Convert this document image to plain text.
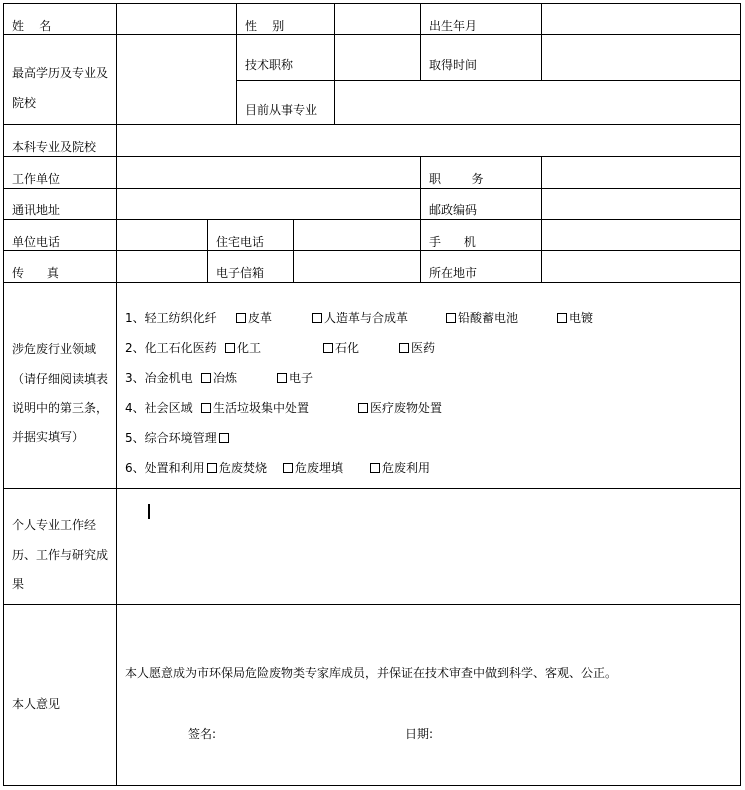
姓    名	性    别	出生年月
最高学历及专业及
院校
技术职称	取得时间
目前从事专业
本科专业及院校
工作单位	职        务
通讯地址	邮政编码
单位电话	住宅电话	手      机
传      真	电子信箱	所在地市
涉危废行业领域
（请仔细阅读填表
说明中的第三条，
并据实填写）
1、轻工纺织化纤	皮革	人造革与合成革	铅酸蓄电池	电镀
2、化工石化医药	化工	石化	医药
3、冶金机电	冶炼	电子
4、社会区域	生活垃圾集中处置	医疗废物处置
5、综合环境管理
6、处置和利用	危废焚烧	危废埋填	危废利用
个人专业工作经
历、工作与研究成
果
本人意见
本人愿意成为市环保局危险废物类专家库成员，并保证在技术审查中做到科学、客观、公正。
签名:	日期:
